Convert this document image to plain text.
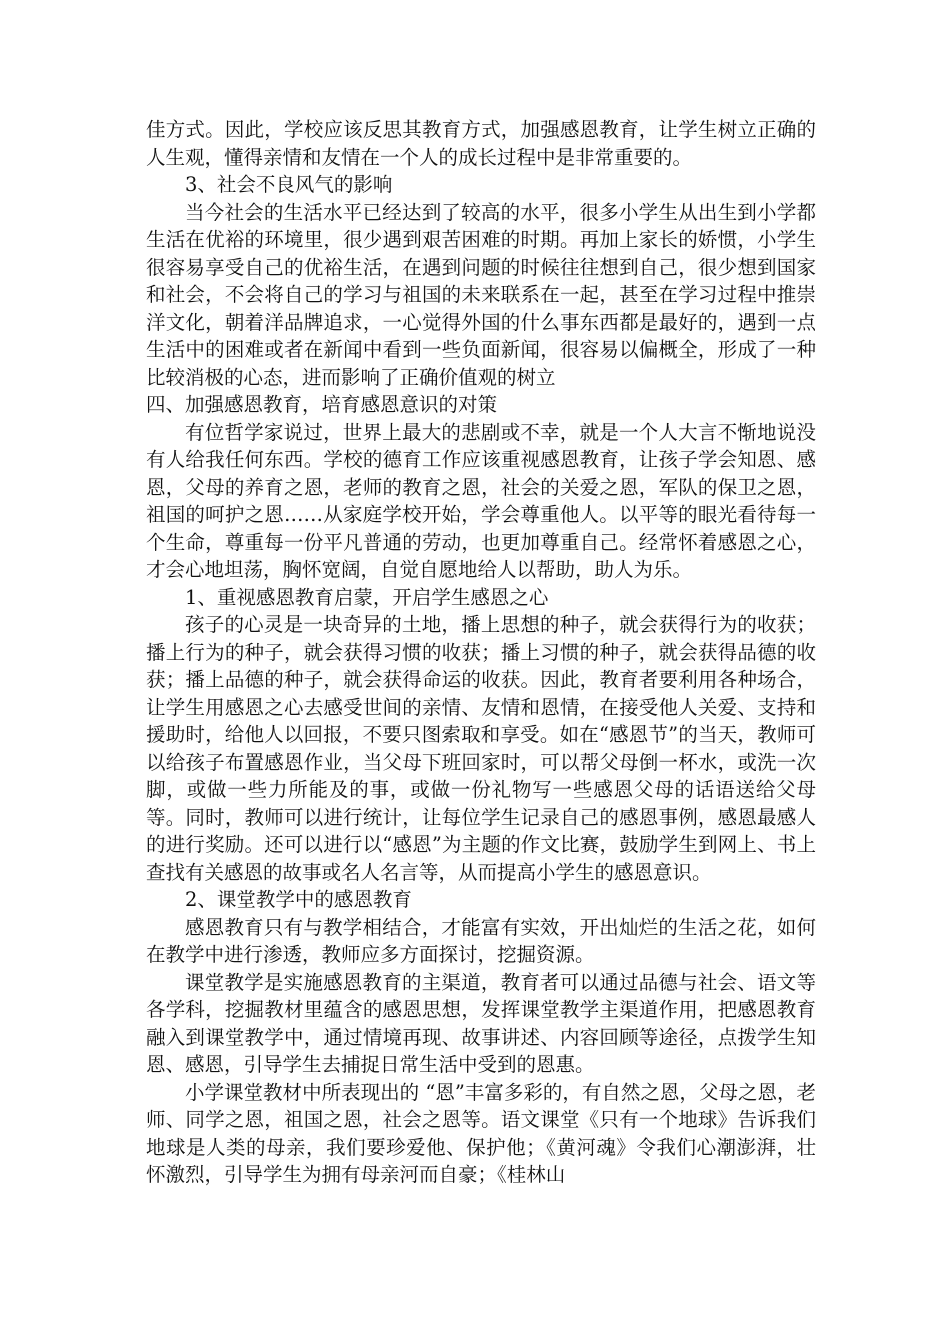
佳方式。因此，学校应该反思其教育方式，加强感恩教育，让学生树立正确的人生观，懂得亲情和友情在一个人的成长过程中是非常重要的。

3、社会不良风气的影响

当今社会的生活水平已经达到了较高的水平，很多小学生从出生到小学都生活在优裕的环境里，很少遇到艰苦困难的时期。再加上家长的娇惯，小学生很容易享受自己的优裕生活，在遇到问题的时候往往想到自己，很少想到国家和社会，不会将自己的学习与祖国的未来联系在一起，甚至在学习过程中推崇洋文化，朝着洋品牌追求，一心觉得外国的什么事东西都是最好的，遇到一点生活中的困难或者在新闻中看到一些负面新闻，很容易以偏概全，形成了一种比较消极的心态，进而影响了正确价值观的树立

四、加强感恩教育，培育感恩意识的对策

有位哲学家说过，世界上最大的悲剧或不幸，就是一个人大言不惭地说没有人给我任何东西。学校的德育工作应该重视感恩教育，让孩子学会知恩、感恩，父母的养育之恩，老师的教育之恩，社会的关爱之恩，军队的保卫之恩，祖国的呵护之恩……从家庭学校开始，学会尊重他人。以平等的眼光看待每一个生命，尊重每一份平凡普通的劳动，也更加尊重自己。经常怀着感恩之心，才会心地坦荡，胸怀宽阔，自觉自愿地给人以帮助，助人为乐。

1、重视感恩教育启蒙，开启学生感恩之心

孩子的心灵是一块奇异的土地，播上思想的种子，就会获得行为的收获；播上行为的种子，就会获得习惯的收获；播上习惯的种子，就会获得品德的收获；播上品德的种子，就会获得命运的收获。因此，教育者要利用各种场合，让学生用感恩之心去感受世间的亲情、友情和恩情，在接受他人关爱、支持和援助时，给他人以回报，不要只图索取和享受。如在“感恩节”的当天，教师可以给孩子布置感恩作业，当父母下班回家时，可以帮父母倒一杯水，或洗一次脚，或做一些力所能及的事，或做一份礼物写一些感恩父母的话语送给父母等。同时，教师可以进行统计，让每位学生记录自己的感恩事例，感恩最感人的进行奖励。还可以进行以“感恩”为主题的作文比赛，鼓励学生到网上、书上查找有关感恩的故事或名人名言等，从而提高小学生的感恩意识。

2、课堂教学中的感恩教育

感恩教育只有与教学相结合，才能富有实效，开出灿烂的生活之花，如何在教学中进行渗透，教师应多方面探讨，挖掘资源。

课堂教学是实施感恩教育的主渠道，教育者可以通过品德与社会、语文等各学科，挖掘教材里蕴含的感恩思想，发挥课堂教学主渠道作用，把感恩教育融入到课堂教学中，通过情境再现、故事讲述、内容回顾等途径，点拨学生知恩、感恩，引导学生去捕捉日常生活中受到的恩惠。

小学课堂教材中所表现出的 “恩”丰富多彩的，有自然之恩，父母之恩，老师、同学之恩，祖国之恩，社会之恩等。语文课堂《只有一个地球》告诉我们地球是人类的母亲，我们要珍爱他、保护他；《黄河魂》令我们心潮澎湃，壮怀激烈，引导学生为拥有母亲河而自豪；《桂林山
